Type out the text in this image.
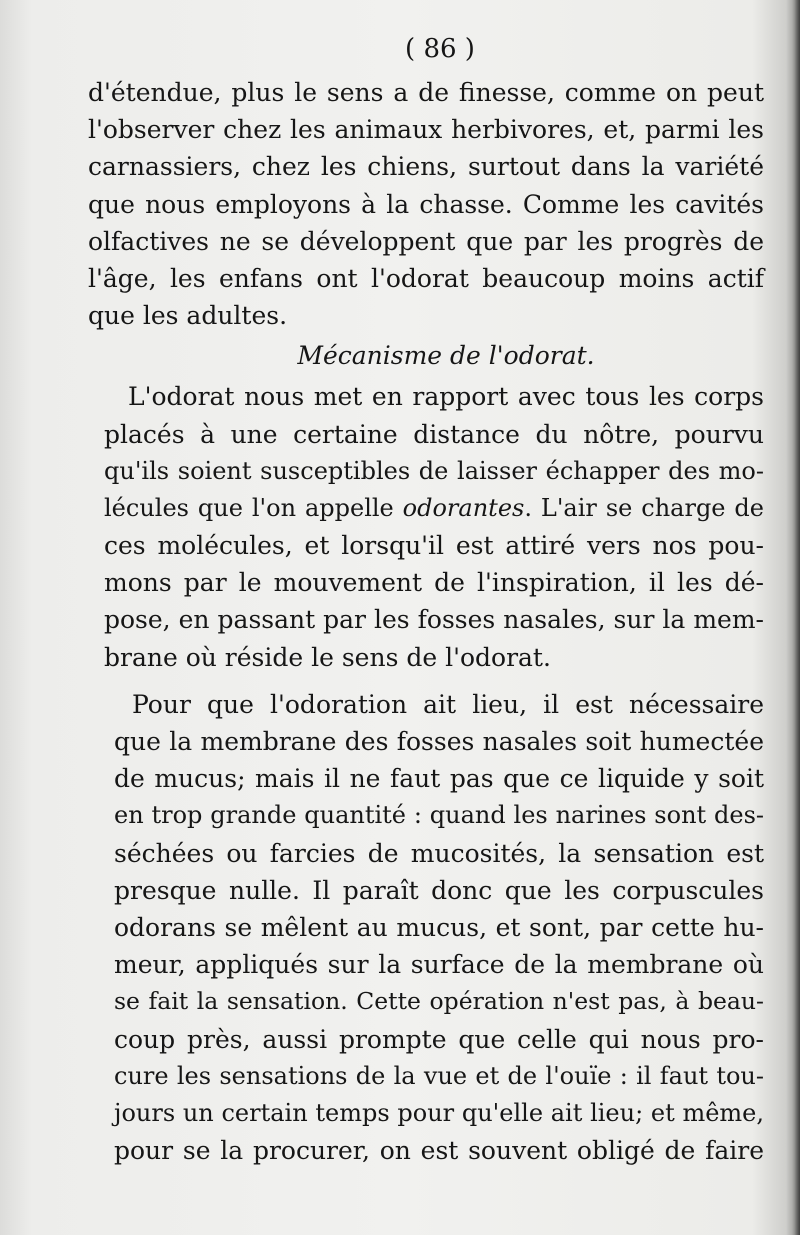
( 86 )
d'étendue, plus le sens a de finesse, comme on peut
l'observer chez les animaux herbivores, et, parmi les
carnassiers, chez les chiens, surtout dans la variété
que nous employons à la chasse. Comme les cavités
olfactives ne se développent que par les progrès de
l'âge, les enfans ont l'odorat beaucoup moins actif
que les adultes.
Mécanisme de l'odorat.
L'odorat nous met en rapport avec tous les corps
placés à une certaine distance du nôtre, pourvu
qu'ils soient susceptibles de laisser échapper des mo-
lécules que l'on appelle odorantes. L'air se charge de
ces molécules, et lorsqu'il est attiré vers nos pou-
mons par le mouvement de l'inspiration, il les dé-
pose, en passant par les fosses nasales, sur la mem-
brane où réside le sens de l'odorat.
Pour que l'odoration ait lieu, il est nécessaire
que la membrane des fosses nasales soit humectée
de mucus; mais il ne faut pas que ce liquide y soit
en trop grande quantité : quand les narines sont des-
séchées ou farcies de mucosités, la sensation est
presque nulle. Il paraît donc que les corpuscules
odorans se mêlent au mucus, et sont, par cette hu-
meur, appliqués sur la surface de la membrane où
se fait la sensation. Cette opération n'est pas, à beau-
coup près, aussi prompte que celle qui nous pro-
cure les sensations de la vue et de l'ouïe : il faut tou-
jours un certain temps pour qu'elle ait lieu; et même,
pour se la procurer, on est souvent obligé de faire
